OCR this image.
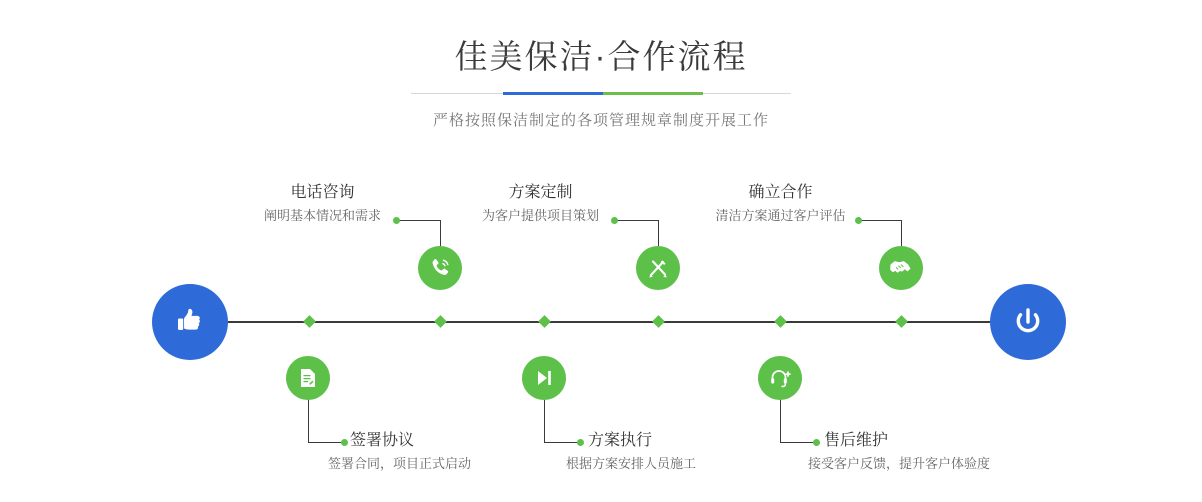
佳美保洁·合作流程

严格按照保洁制定的各项管理规章制度开展工作

电话咨询
阐明基本情况和需求
签署协议
签署合同，项目正式启动
方案定制
为客户提供项目策划
方案执行
根据方案安排人员施工
确立合作
清洁方案通过客户评估
售后维护
接受客户反馈，提升客户体验度
